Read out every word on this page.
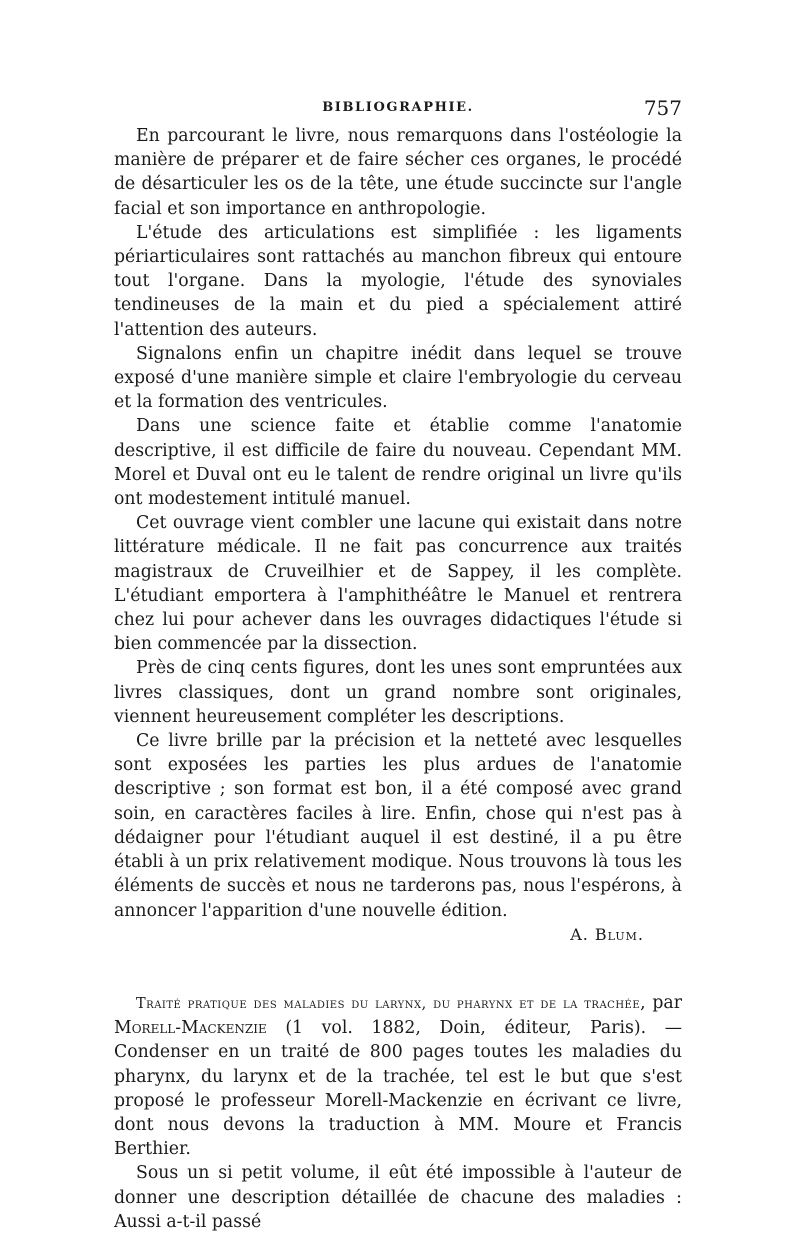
BIBLIOGRAPHIE.	757

En parcourant le livre, nous remarquons dans l'ostéologie la manière de préparer et de faire sécher ces organes, le procédé de désarticuler les os de la tête, une étude succincte sur l'angle facial et son importance en anthropologie.

L'étude des articulations est simplifiée : les ligaments périarticulaires sont rattachés au manchon fibreux qui entoure tout l'organe. Dans la myologie, l'étude des synoviales tendineuses de la main et du pied a spécialement attiré l'attention des auteurs.

Signalons enfin un chapitre inédit dans lequel se trouve exposé d'une manière simple et claire l'embryologie du cerveau et la formation des ventricules.

Dans une science faite et établie comme l'anatomie descriptive, il est difficile de faire du nouveau. Cependant MM. Morel et Duval ont eu le talent de rendre original un livre qu'ils ont modestement intitulé manuel.

Cet ouvrage vient combler une lacune qui existait dans notre littérature médicale. Il ne fait pas concurrence aux traités magistraux de Cruveilhier et de Sappey, il les complète. L'étudiant emportera à l'amphithéâtre le Manuel et rentrera chez lui pour achever dans les ouvrages didactiques l'étude si bien commencée par la dissection.

Près de cinq cents figures, dont les unes sont empruntées aux livres classiques, dont un grand nombre sont originales, viennent heureusement compléter les descriptions.

Ce livre brille par la précision et la netteté avec lesquelles sont exposées les parties les plus ardues de l'anatomie descriptive ; son format est bon, il a été composé avec grand soin, en caractères faciles à lire. Enfin, chose qui n'est pas à dédaigner pour l'étudiant auquel il est destiné, il a pu être établi à un prix relativement modique. Nous trouvons là tous les éléments de succès et nous ne tarderons pas, nous l'espérons, à annoncer l'apparition d'une nouvelle édition.

A. Blum.

Traité pratique des maladies du larynx, du pharynx et de la trachée, par Morell-Mackenzie (1 vol. 1882, Doin, éditeur, Paris). — Condenser en un traité de 800 pages toutes les maladies du pharynx, du larynx et de la trachée, tel est le but que s'est proposé le professeur Morell-Mackenzie en écrivant ce livre, dont nous devons la traduction à MM. Moure et Francis Berthier.

Sous un si petit volume, il eût été impossible à l'auteur de donner une description détaillée de chacune des maladies : Aussi a-t-il passé
